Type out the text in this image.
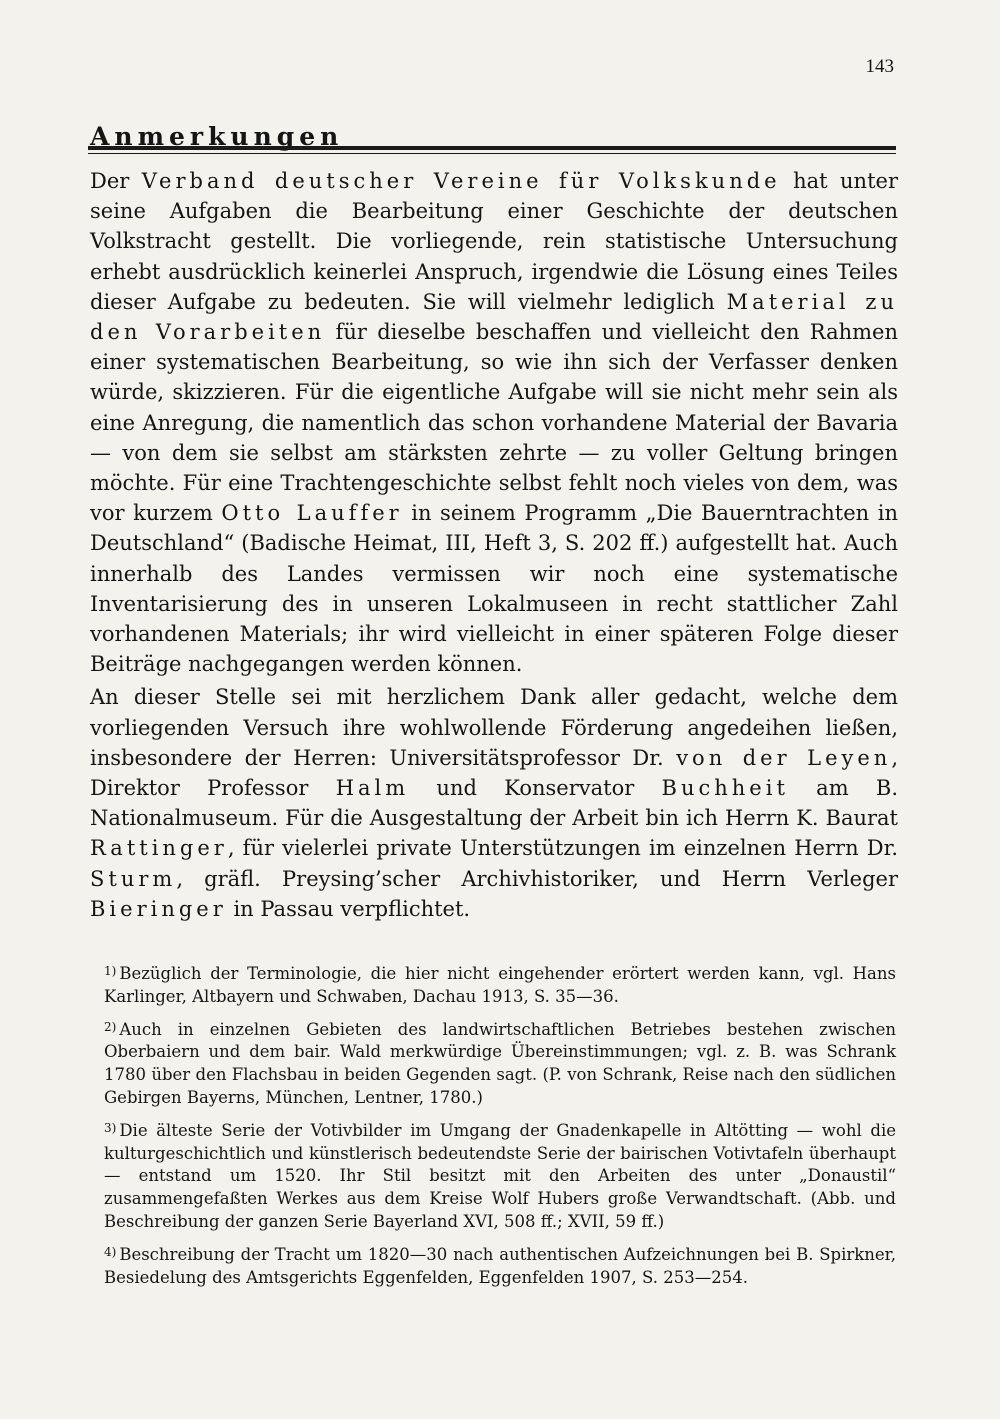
143
Anmerkungen

Der Verband deutscher Vereine für Volkskunde hat unter seine Aufgaben die Bearbeitung einer Geschichte der deutschen Volkstracht gestellt. Die vorliegende, rein statistische Untersuchung erhebt ausdrücklich keinerlei Anspruch, irgendwie die Lösung eines Teiles dieser Aufgabe zu bedeuten. Sie will vielmehr lediglich Material zu den Vorarbeiten für dieselbe beschaffen und vielleicht den Rahmen einer systematischen Bearbeitung, so wie ihn sich der Verfasser denken würde, skizzieren. Für die eigentliche Aufgabe will sie nicht mehr sein als eine Anregung, die namentlich das schon vorhandene Material der Bavaria — von dem sie selbst am stärksten zehrte — zu voller Geltung bringen möchte. Für eine Trachtengeschichte selbst fehlt noch vieles von dem, was vor kurzem Otto Lauffer in seinem Programm „Die Bauerntrachten in Deutschland“ (Badische Heimat, III, Heft 3, S. 202 ff.) aufgestellt hat. Auch innerhalb des Landes vermissen wir noch eine systematische Inventarisierung des in unseren Lokalmuseen in recht stattlicher Zahl vorhandenen Materials; ihr wird vielleicht in einer späteren Folge dieser Beiträge nachgegangen werden können.

An dieser Stelle sei mit herzlichem Dank aller gedacht, welche dem vorliegenden Versuch ihre wohlwollende Förderung angedeihen ließen, insbesondere der Herren: Universitätsprofessor Dr. von der Leyen, Direktor Professor Halm und Konservator Buchheit am B. Nationalmuseum. Für die Ausgestaltung der Arbeit bin ich Herrn K. Baurat Rattinger, für vielerlei private Unterstützungen im einzelnen Herrn Dr. Sturm, gräfl. Preysing’scher Archivhistoriker, und Herrn Verleger Bieringer in Passau verpflichtet.

$^{1)}$ Bezüglich der Terminologie, die hier nicht eingehender erörtert werden kann, vgl. Hans Karlinger, Altbayern und Schwaben, Dachau 1913, S. 35—36.

$^{2)}$ Auch in einzelnen Gebieten des landwirtschaftlichen Betriebes bestehen zwischen Oberbaiern und dem bair. Wald merkwürdige Übereinstimmungen; vgl. z. B. was Schrank 1780 über den Flachsbau in beiden Gegenden sagt. (P. von Schrank, Reise nach den südlichen Gebirgen Bayerns, München, Lentner, 1780.)

$^{3)}$ Die älteste Serie der Votivbilder im Umgang der Gnadenkapelle in Altötting — wohl die kulturgeschichtlich und künstlerisch bedeutendste Serie der bairischen Votivtafeln überhaupt — entstand um 1520. Ihr Stil besitzt mit den Arbeiten des unter „Donaustil“ zusammengefaßten Werkes aus dem Kreise Wolf Hubers große Verwandtschaft. (Abb. und Beschreibung der ganzen Serie Bayerland XVI, 508 ff.; XVII, 59 ff.)

$^{4)}$ Beschreibung der Tracht um 1820—30 nach authentischen Aufzeichnungen bei B. Spirkner, Besiedelung des Amtsgerichts Eggenfelden, Eggenfelden 1907, S. 253—254.
